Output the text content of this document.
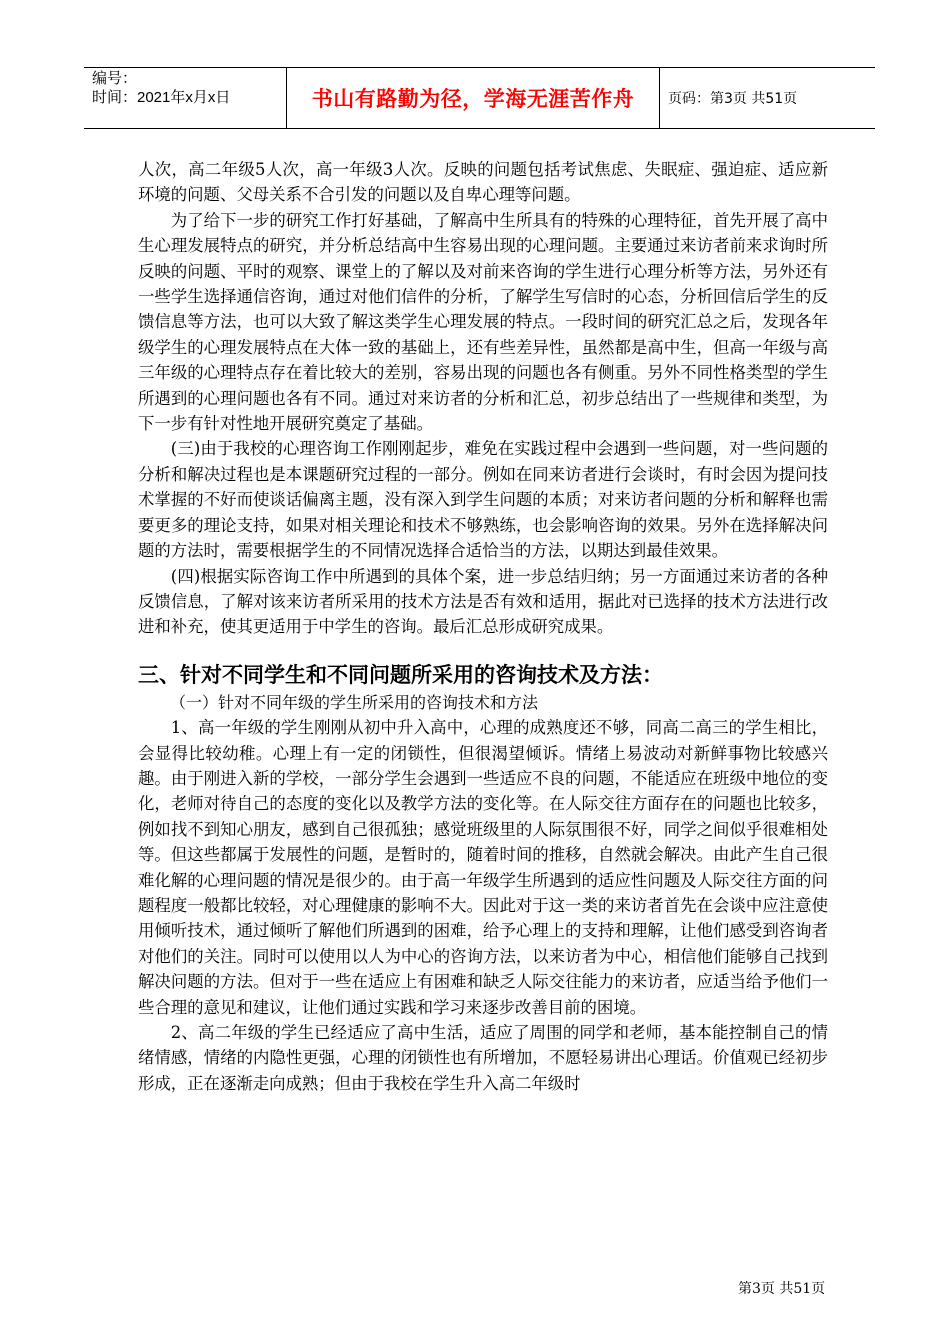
编号：
时间：2021年x月x日	书山有路勤为径，学海无涯苦作舟 页码：第3页 共51页

人次，高二年级5人次，高一年级3人次。反映的问题包括考试焦虑、失眠症、强迫症、适应新环境的问题、父母关系不合引发的问题以及自卑心理等问题。

为了给下一步的研究工作打好基础，了解高中生所具有的特殊的心理特征，首先开展了高中生心理发展特点的研究，并分析总结高中生容易出现的心理问题。主要通过来访者前来求询时所反映的问题、平时的观察、课堂上的了解以及对前来咨询的学生进行心理分析等方法，另外还有一些学生选择通信咨询，通过对他们信件的分析，了解学生写信时的心态，分析回信后学生的反馈信息等方法，也可以大致了解这类学生心理发展的特点。一段时间的研究汇总之后，发现各年级学生的心理发展特点在大体一致的基础上，还有些差异性，虽然都是高中生，但高一年级与高三年级的心理特点存在着比较大的差别，容易出现的问题也各有侧重。另外不同性格类型的学生所遇到的心理问题也各有不同。通过对来访者的分析和汇总，初步总结出了一些规律和类型，为下一步有针对性地开展研究奠定了基础。

(三)由于我校的心理咨询工作刚刚起步，难免在实践过程中会遇到一些问题，对一些问题的分析和解决过程也是本课题研究过程的一部分。例如在同来访者进行会谈时，有时会因为提问技术掌握的不好而使谈话偏离主题，没有深入到学生问题的本质；对来访者问题的分析和解释也需要更多的理论支持，如果对相关理论和技术不够熟练，也会影响咨询的效果。另外在选择解决问题的方法时，需要根据学生的不同情况选择合适恰当的方法，以期达到最佳效果。

(四)根据实际咨询工作中所遇到的具体个案，进一步总结归纳；另一方面通过来访者的各种反馈信息，了解对该来访者所采用的技术方法是否有效和适用，据此对已选择的技术方法进行改进和补充，使其更适用于中学生的咨询。最后汇总形成研究成果。

三、针对不同学生和不同问题所采用的咨询技术及方法：

（一）针对不同年级的学生所采用的咨询技术和方法

1、高一年级的学生刚刚从初中升入高中，心理的成熟度还不够，同高二高三的学生相比，会显得比较幼稚。心理上有一定的闭锁性，但很渴望倾诉。情绪上易波动对新鲜事物比较感兴趣。由于刚进入新的学校，一部分学生会遇到一些适应不良的问题，不能适应在班级中地位的变化，老师对待自己的态度的变化以及教学方法的变化等。在人际交往方面存在的问题也比较多，例如找不到知心朋友，感到自己很孤独；感觉班级里的人际氛围很不好，同学之间似乎很难相处等。但这些都属于发展性的问题，是暂时的，随着时间的推移，自然就会解决。由此产生自己很难化解的心理问题的情况是很少的。由于高一年级学生所遇到的适应性问题及人际交往方面的问题程度一般都比较轻，对心理健康的影响不大。因此对于这一类的来访者首先在会谈中应注意使用倾听技术，通过倾听了解他们所遇到的困难，给予心理上的支持和理解，让他们感受到咨询者对他们的关注。同时可以使用以人为中心的咨询方法，以来访者为中心，相信他们能够自己找到解决问题的方法。但对于一些在适应上有困难和缺乏人际交往能力的来访者，应适当给予他们一些合理的意见和建议，让他们通过实践和学习来逐步改善目前的困境。

2、高二年级的学生已经适应了高中生活，适应了周围的同学和老师，基本能控制自己的情绪情感，情绪的内隐性更强，心理的闭锁性也有所增加，不愿轻易讲出心理话。价值观已经初步形成，正在逐渐走向成熟；但由于我校在学生升入高二年级时

第3页 共51页
